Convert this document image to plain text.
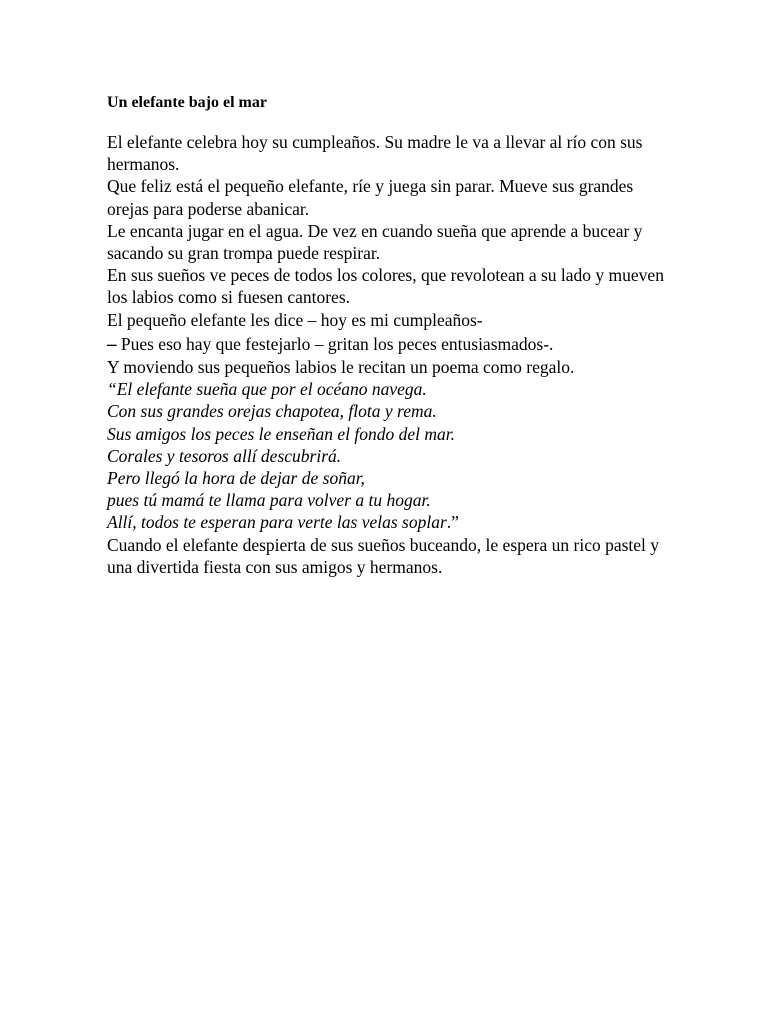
Un elefante bajo el mar

El elefante celebra hoy su cumpleaños. Su madre le va a llevar al río con sus hermanos.

Que feliz está el pequeño elefante, ríe y juega sin parar. Mueve sus grandes orejas para poderse abanicar.

Le encanta jugar en el agua. De vez en cuando sueña que aprende a bucear y sacando su gran trompa puede respirar.

En sus sueños ve peces de todos los colores, que revolotean a su lado y mueven los labios como si fuesen cantores.

El pequeño elefante les dice – hoy es mi cumpleaños-

– Pues eso hay que festejarlo – gritan los peces entusiasmados-.

Y moviendo sus pequeños labios le recitan un poema como regalo.

“El elefante sueña que por el océano navega.

Con sus grandes orejas chapotea, flota y rema.

Sus amigos los peces le enseñan el fondo del mar.

Corales y tesoros allí descubrirá.

Pero llegó la hora de dejar de soñar,

pues tú mamá te llama para volver a tu hogar.

Allí, todos te esperan para verte las velas soplar.”

Cuando el elefante despierta de sus sueños buceando, le espera un rico pastel y una divertida fiesta con sus amigos y hermanos.
